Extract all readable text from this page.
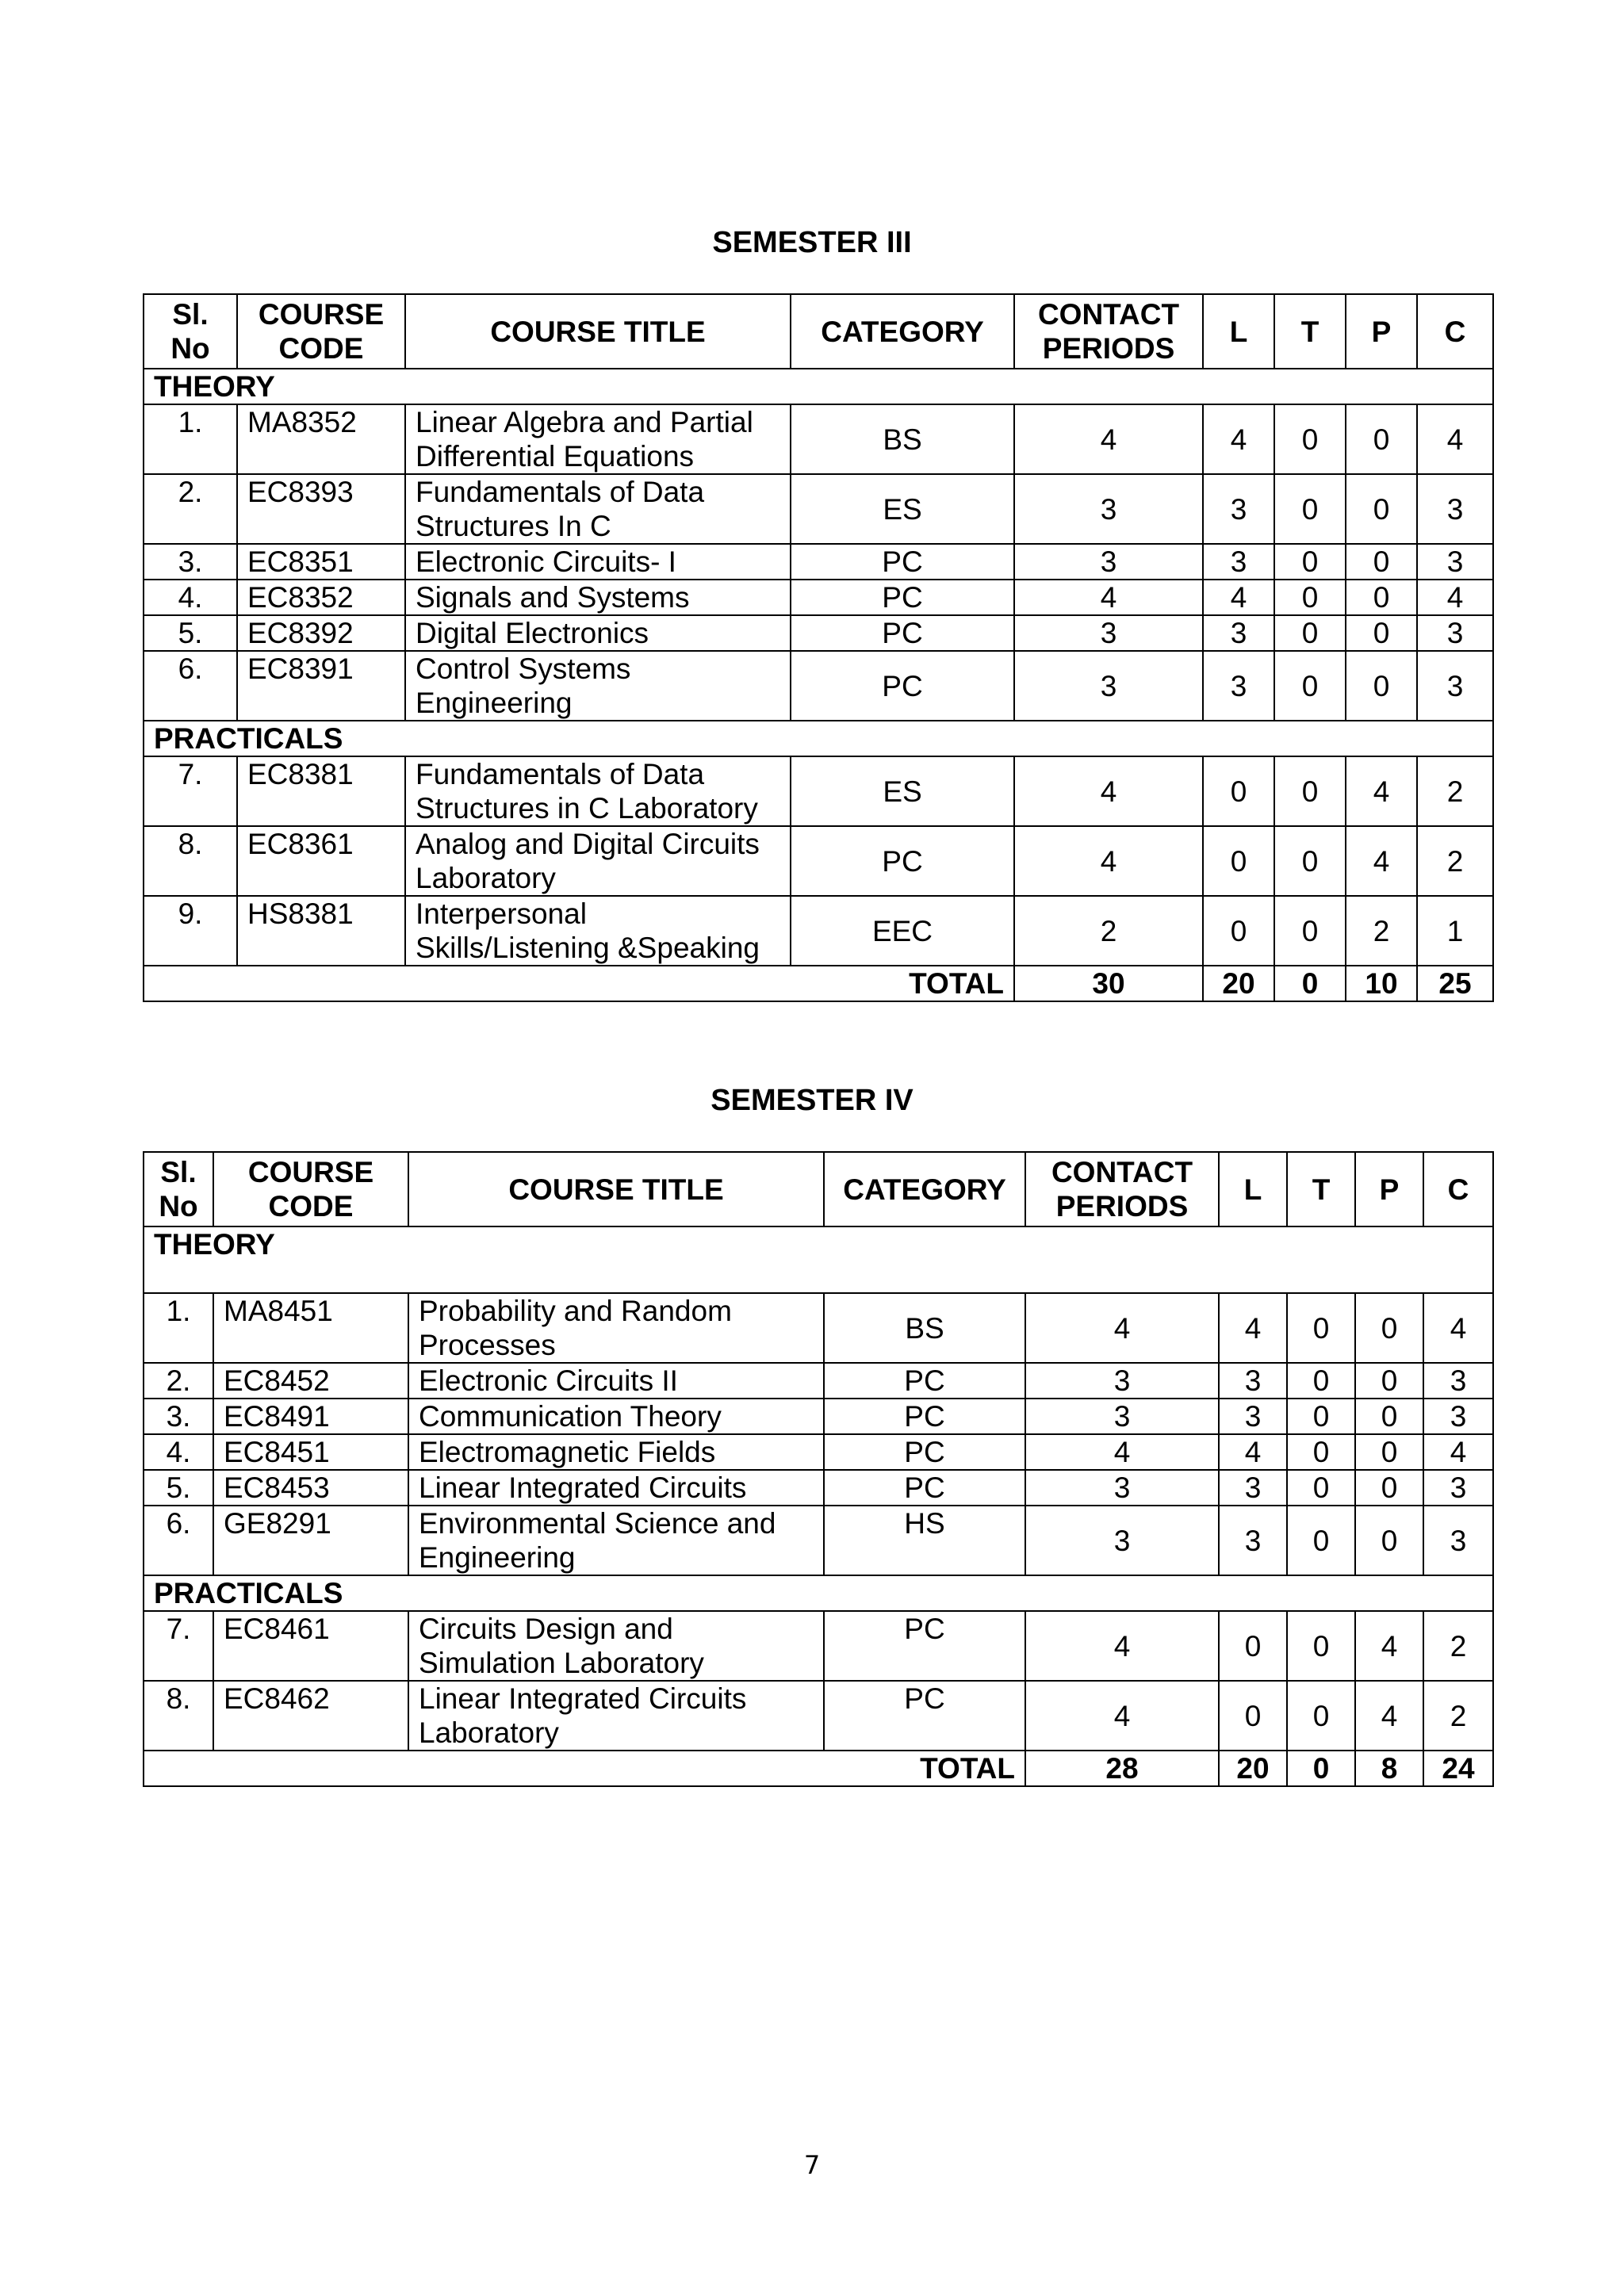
SEMESTER III
Sl. No	COURSE CODE	COURSE TITLE	CATEGORY	CONTACT PERIODS	L	T	P	C
THEORY								
1.	MA8352	Linear Algebra and Partial Differential Equations	BS	4	4	0	0	4
2.	EC8393	Fundamentals of Data Structures In C	ES	3	3	0	0	3
3.	EC8351	Electronic Circuits- I	PC	3	3	0	0	3
4.	EC8352	Signals and Systems	PC	4	4	0	0	4
5.	EC8392	Digital Electronics	PC	3	3	0	0	3
6.	EC8391	Control Systems Engineering	PC	3	3	0	0	3
PRACTICALS								
7.	EC8381	Fundamentals of Data Structures in C Laboratory	ES	4	0	0	4	2
8.	EC8361	Analog and Digital Circuits Laboratory	PC	4	0	0	4	2
9.	HS8381	Interpersonal Skills/Listening &Speaking	EEC	2	0	0	2	1
TOTAL				30	20	0	10	25
SEMESTER IV
Sl. No	COURSE CODE	COURSE TITLE	CATEGORY	CONTACT PERIODS	L	T	P	C
THEORY								
1.	MA8451	Probability and Random Processes	BS	4	4	0	0	4
2.	EC8452	Electronic Circuits II	PC	3	3	0	0	3
3.	EC8491	Communication Theory	PC	3	3	0	0	3
4.	EC8451	Electromagnetic Fields	PC	4	4	0	0	4
5.	EC8453	Linear Integrated Circuits	PC	3	3	0	0	3
6.	GE8291	Environmental Science and Engineering	HS	3	3	0	0	3
PRACTICALS								
7.	EC8461	Circuits Design and Simulation Laboratory	PC	4	0	0	4	2
8.	EC8462	Linear Integrated Circuits Laboratory	PC	4	0	0	4	2
TOTAL				28	20	0	8	24
7
